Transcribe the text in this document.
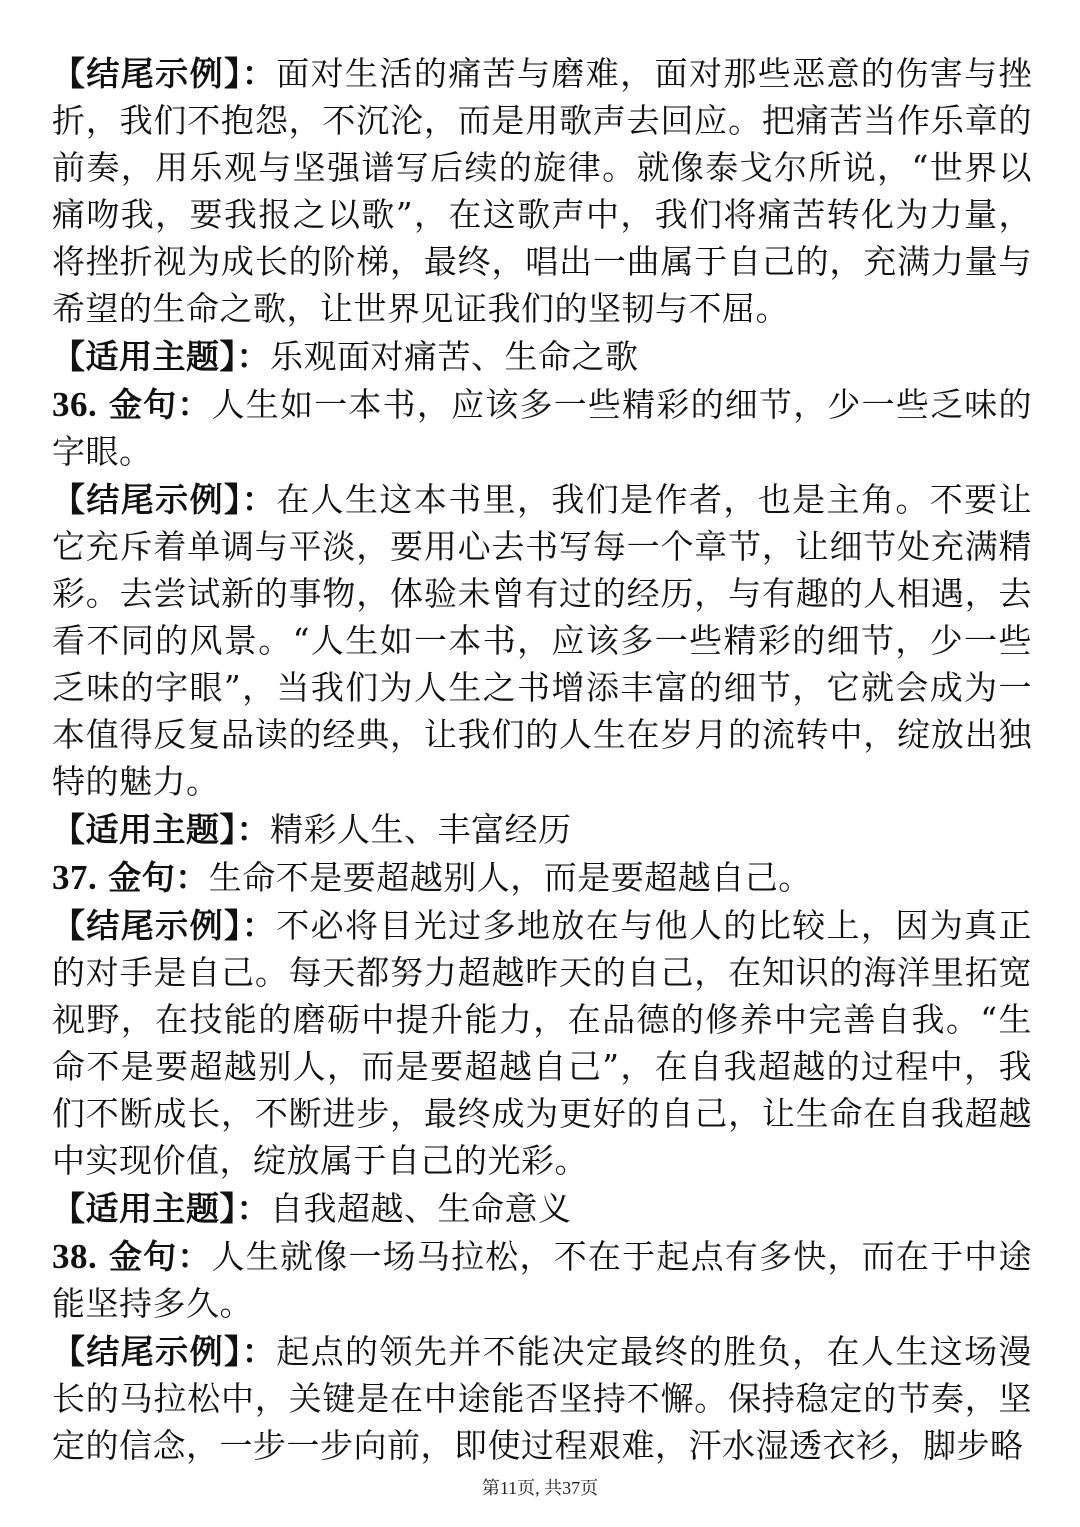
【结尾示例】：面对生活的痛苦与磨难，面对那些恶意的伤害与挫折，我们不抱怨，不沉沦，而是用歌声去回应。把痛苦当作乐章的前奏，用乐观与坚强谱写后续的旋律。就像泰戈尔所说，“世界以痛吻我，要我报之以歌”，在这歌声中，我们将痛苦转化为力量，将挫折视为成长的阶梯，最终，唱出一曲属于自己的，充满力量与希望的生命之歌，让世界见证我们的坚韧与不屈。

【适用主题】：乐观面对痛苦、生命之歌

36. 金句：人生如一本书，应该多一些精彩的细节，少一些乏味的字眼。

【结尾示例】：在人生这本书里，我们是作者，也是主角。不要让它充斥着单调与平淡，要用心去书写每一个章节，让细节处充满精彩。去尝试新的事物，体验未曾有过的经历，与有趣的人相遇，去看不同的风景。“人生如一本书，应该多一些精彩的细节，少一些乏味的字眼”，当我们为人生之书增添丰富的细节，它就会成为一本值得反复品读的经典，让我们的人生在岁月的流转中，绽放出独特的魅力。

【适用主题】：精彩人生、丰富经历

37. 金句：生命不是要超越别人，而是要超越自己。

【结尾示例】：不必将目光过多地放在与他人的比较上，因为真正的对手是自己。每天都努力超越昨天的自己，在知识的海洋里拓宽视野，在技能的磨砺中提升能力，在品德的修养中完善自我。“生命不是要超越别人，而是要超越自己”，在自我超越的过程中，我们不断成长，不断进步，最终成为更好的自己，让生命在自我超越中实现价值，绽放属于自己的光彩。

【适用主题】：自我超越、生命意义

38. 金句：人生就像一场马拉松，不在于起点有多快，而在于中途能坚持多久。

【结尾示例】：起点的领先并不能决定最终的胜负，在人生这场漫长的马拉松中，关键是在中途能否坚持不懈。保持稳定的节奏，坚定的信念，一步一步向前，即使过程艰难，汗水湿透衣衫，脚步略

第11页, 共37页
